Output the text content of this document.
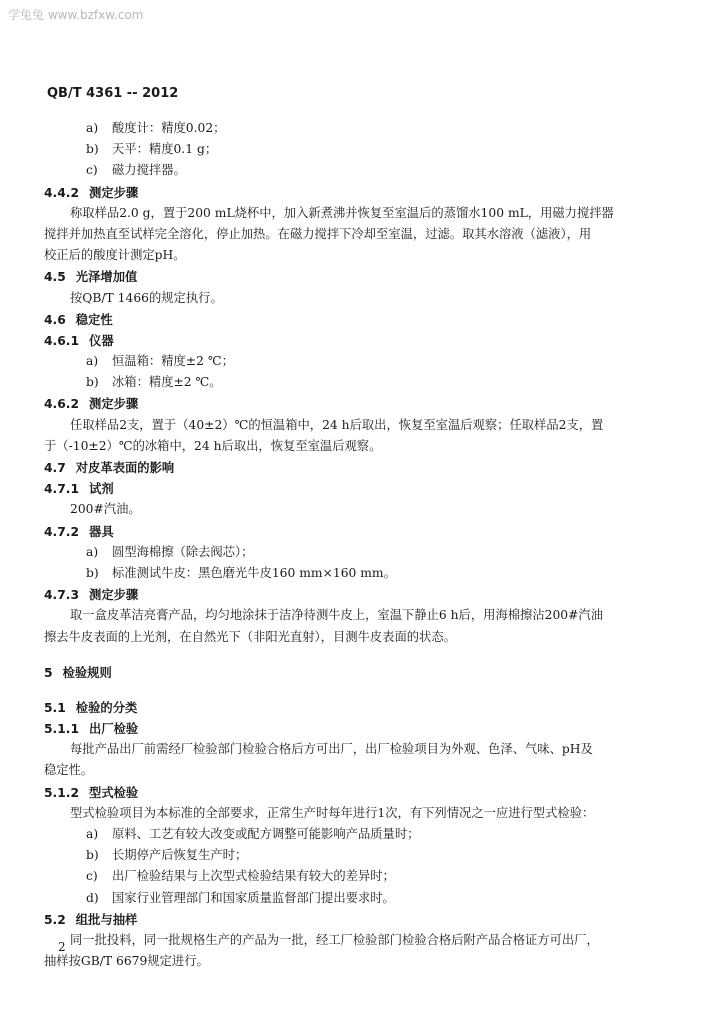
学兔兔 www.bzfxw.com
QB/T 4361 -- 2012
a) 酸度计：精度0.02；
b) 天平：精度0.1 g；
c) 磁力搅拌器。
4.4.2 测定步骤
称取样品2.0 g，置于200 mL烧杯中，加入新煮沸并恢复至室温后的蒸馏水100 mL，用磁力搅拌器
搅拌并加热直至试样完全溶化，停止加热。在磁力搅拌下冷却至室温，过滤。取其水溶液（滤液），用
校正后的酸度计测定pH。
4.5 光泽增加值
按QB/T 1466的规定执行。
4.6 稳定性
4.6.1 仪器
a) 恒温箱：精度±2 ℃；
b) 冰箱：精度±2 ℃。
4.6.2 测定步骤
任取样品2支，置于（40±2）℃的恒温箱中，24 h后取出，恢复至室温后观察；任取样品2支，置
于（-10±2）℃的冰箱中，24 h后取出，恢复至室温后观察。
4.7 对皮革表面的影响
4.7.1 试剂
200#汽油。
4.7.2 器具
a) 圆型海棉擦（除去阀芯）；
b) 标准测试牛皮：黑色磨光牛皮160 mm×160 mm。
4.7.3 测定步骤
取一盒皮革洁亮膏产品，均匀地涂抹于洁净待测牛皮上，室温下静止6 h后，用海棉擦沾200#汽油
擦去牛皮表面的上光剂，在自然光下（非阳光直射），目测牛皮表面的状态。
5 检验规则
5.1 检验的分类
5.1.1 出厂检验
每批产品出厂前需经厂检验部门检验合格后方可出厂，出厂检验项目为外观、色泽、气味、pH及
稳定性。
5.1.2 型式检验
型式检验项目为本标准的全部要求，正常生产时每年进行1次，有下列情况之一应进行型式检验：
a) 原料、工艺有较大改变或配方调整可能影响产品质量时；
b) 长期停产后恢复生产时；
c) 出厂检验结果与上次型式检验结果有较大的差异时；
d) 国家行业管理部门和国家质量监督部门提出要求时。
5.2 组批与抽样
同一批投料，同一批规格生产的产品为一批，经工厂检验部门检验合格后附产品合格证方可出厂，
抽样按GB/T 6679规定进行。
2
